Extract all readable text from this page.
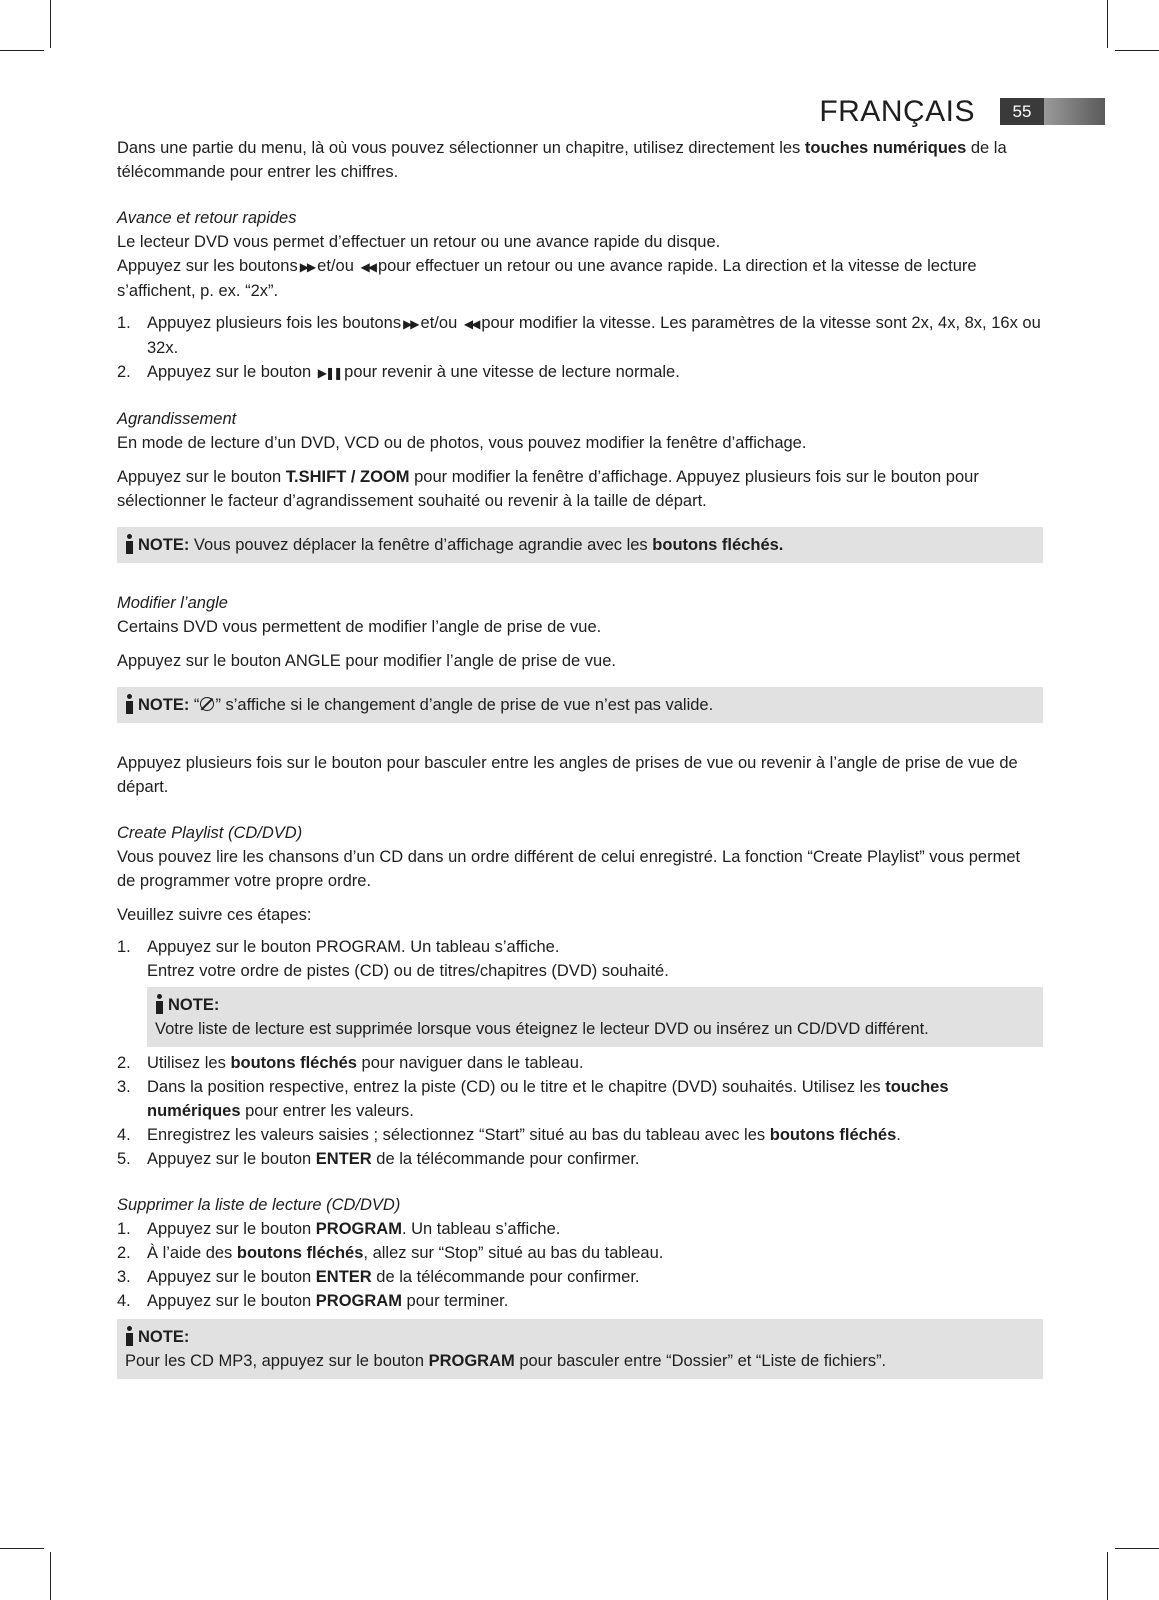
FRANÇAIS	55

Dans une partie du menu, là où vous pouvez sélectionner un chapitre, utilisez directement les touches numériques de la télécommande pour entrer les chiffres.

Avance et retour rapides

Le lecteur DVD vous permet d’effectuer un retour ou une avance rapide du disque.

Appuyez sur les boutons ▶▶ et/ou ◀◀ pour effectuer un retour ou une avance rapide. La direction et la vitesse de lecture s’affichent, p. ex. “2x”.

1. Appuyez plusieurs fois les boutons ▶▶ et/ou ◀◀ pour modifier la vitesse. Les paramètres de la vitesse sont 2x, 4x, 8x, 16x ou 32x.
2. Appuyez sur le bouton ▶❚❚ pour revenir à une vitesse de lecture normale.

Agrandissement

En mode de lecture d’un DVD, VCD ou de photos, vous pouvez modifier la fenêtre d’affichage.

Appuyez sur le bouton T.SHIFT / ZOOM pour modifier la fenêtre d’affichage. Appuyez plusieurs fois sur le bouton pour sélectionner le facteur d’agrandissement souhaité ou revenir à la taille de départ.

NOTE: Vous pouvez déplacer la fenêtre d’affichage agrandie avec les boutons fléchés.

Modifier l’angle

Certains DVD vous permettent de modifier l’angle de prise de vue.

Appuyez sur le bouton ANGLE pour modifier l’angle de prise de vue.

NOTE: “ ” s’affiche si le changement d’angle de prise de vue n’est pas valide.

Appuyez plusieurs fois sur le bouton pour basculer entre les angles de prises de vue ou revenir à l’angle de prise de vue de départ.

Create Playlist (CD/DVD)

Vous pouvez lire les chansons d’un CD dans un ordre différent de celui enregistré. La fonction “Create Playlist” vous permet de programmer votre propre ordre.

Veuillez suivre ces étapes:

1. Appuyez sur le bouton PROGRAM. Un tableau s’affiche.
Entrez votre ordre de pistes (CD) ou de titres/chapitres (DVD) souhaité.
NOTE:
Votre liste de lecture est supprimée lorsque vous éteignez le lecteur DVD ou insérez un CD/DVD différent.
2. Utilisez les boutons fléchés pour naviguer dans le tableau.
3. Dans la position respective, entrez la piste (CD) ou le titre et le chapitre (DVD) souhaités. Utilisez les touches numériques pour entrer les valeurs.
4. Enregistrez les valeurs saisies ; sélectionnez “Start” situé au bas du tableau avec les boutons fléchés.
5. Appuyez sur le bouton ENTER de la télécommande pour confirmer.

Supprimer la liste de lecture (CD/DVD)

1. Appuyez sur le bouton PROGRAM. Un tableau s’affiche.
2. À l’aide des boutons fléchés, allez sur “Stop” situé au bas du tableau.
3. Appuyez sur le bouton ENTER de la télécommande pour confirmer.
4. Appuyez sur le bouton PROGRAM pour terminer.
NOTE:
Pour les CD MP3, appuyez sur le bouton PROGRAM pour basculer entre “Dossier” et “Liste de fichiers”.
